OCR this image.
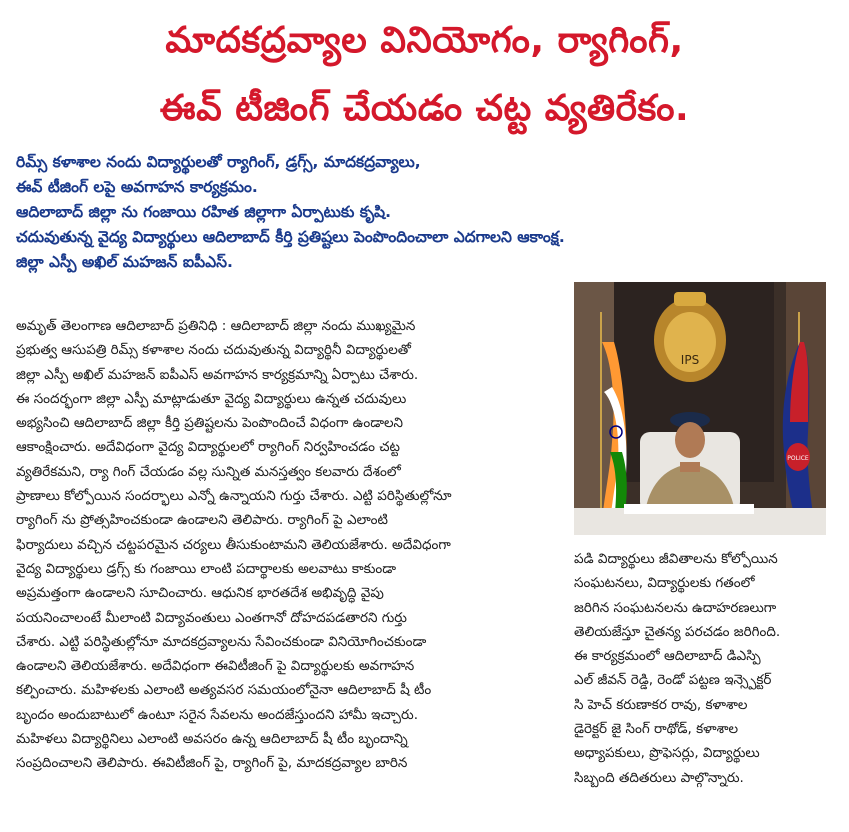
మాదకద్రవ్యాల వినియోగం, ర్యాగింగ్,
ఈవ్ టీజింగ్ చేయడం చట్ట వ్యతిరేకం.
రిమ్స్ కళాశాల నందు విద్యార్థులతో ర్యాగింగ్, డ్రగ్స్, మాదకద్రవ్యాలు,
ఈవ్ టీజింగ్ లపై అవగాహన కార్యక్రమం.
ఆదిలాబాద్ జిల్లా ను గంజాయి రహిత జిల్లాగా ఏర్పాటుకు కృషి.
చదువుతున్న వైద్య విద్యార్థులు ఆదిలాబాద్ కీర్తి ప్రతిష్టలు పెంపొందించాలా ఎదగాలని ఆకాంక్ష.
జిల్లా ఎస్పీ అఖిల్ మహజన్ ఐపీఎస్.
అమృత్ తెలంగాణ ఆదిలాబాద్ ప్రతినిధి : ఆదిలాబాద్ జిల్లా నందు ముఖ్యమైన
ప్రభుత్వ ఆసుపత్రి రిమ్స్ కళాశాల నందు చదువుతున్న విద్యార్థినీ విద్యార్థులతో
జిల్లా ఎస్పీ అఖిల్ మహజన్ ఐపీఎస్ అవగాహన కార్యక్రమాన్ని ఏర్పాటు చేశారు.
ఈ సందర్భంగా జిల్లా ఎస్పీ మాట్లాడుతూ వైద్య విద్యార్థులు ఉన్నత చదువులు
అభ్యసించి ఆదిలాబాద్ జిల్లా కీర్తి ప్రతిష్టలను పెంపొందించే విధంగా ఉండాలని
ఆకాంక్షించారు. అదేవిధంగా వైద్య విద్యార్థులలో ర్యాగింగ్ నిర్వహించడం చట్ట
వ్యతిరేకమని, ర్యా గింగ్ చేయడం వల్ల సున్నిత మనస్తత్వం కలవారు దేశంలో
ప్రాణాలు కోల్పోయిన సందర్భాలు ఎన్నో ఉన్నాయని గుర్తు చేశారు. ఎట్టి పరిస్థితుల్లోనూ
ర్యాగింగ్ ను ప్రోత్సహించకుండా ఉండాలని తెలిపారు. ర్యాగింగ్ పై ఎలాంటి
ఫిర్యాదులు వచ్చిన చట్టపరమైన చర్యలు తీసుకుంటామని తెలియజేశారు. అదేవిధంగా
వైద్య విద్యార్థులు డ్రగ్స్ కు గంజాయి లాంటి పదార్థాలకు అలవాటు కాకుండా
అప్రమత్తంగా ఉండాలని సూచించారు. ఆధునిక భారతదేశ అభివృద్ధి వైపు
పయనించాలంటే మీలాంటి విద్యావంతులు ఎంతగానో దోహదపడతారని గుర్తు
చేశారు. ఎట్టి పరిస్థితుల్లోనూ మాదకద్రవ్యాలను సేవించకుండా వినియోగించకుండా
ఉండాలని తెలియజేశారు. అదేవిధంగా ఈవిటీజింగ్ పై విద్యార్థులకు అవగాహన
కల్పించారు. మహిళలకు ఎలాంటి అత్యవసర సమయంలోనైనా ఆదిలాబాద్ షీ టీం
బృందం అందుబాటులో ఉంటూ సరైన సేవలను అందజేస్తుందని హామీ ఇచ్చారు.
మహిళలు విద్యార్థినిలు ఎలాంటి అవసరం ఉన్న ఆదిలాబాద్ షీ టీం బృందాన్ని
సంప్రదించాలని తెలిపారు. ఈవిటీజింగ్ పై, ర్యాగింగ్ పై, మాదకద్రవ్యాల బారిన
IPS
POLICE
పడి విద్యార్థులు జీవితాలను కోల్పోయిన
సంఘటనలు, విద్యార్థులకు గతంలో
జరిగిన సంఘటనలను ఉదాహరణలుగా
తెలియజేస్తూ చైతన్య పరచడం జరిగింది.
ఈ కార్యక్రమంలో ఆదిలాబాద్ డిఎస్పి
ఎల్ జీవన్ రెడ్డి, రెండో పట్టణ ఇన్స్పెక్టర్
సి హెచ్ కరుణాకర రావు, కళాశాల
డైరెక్టర్ జై సింగ్ రాథోడ్, కళాశాల
అధ్యాపకులు, ప్రొఫెసర్లు, విద్యార్థులు
సిబ్బంది తదితరులు పాల్గొన్నారు.
